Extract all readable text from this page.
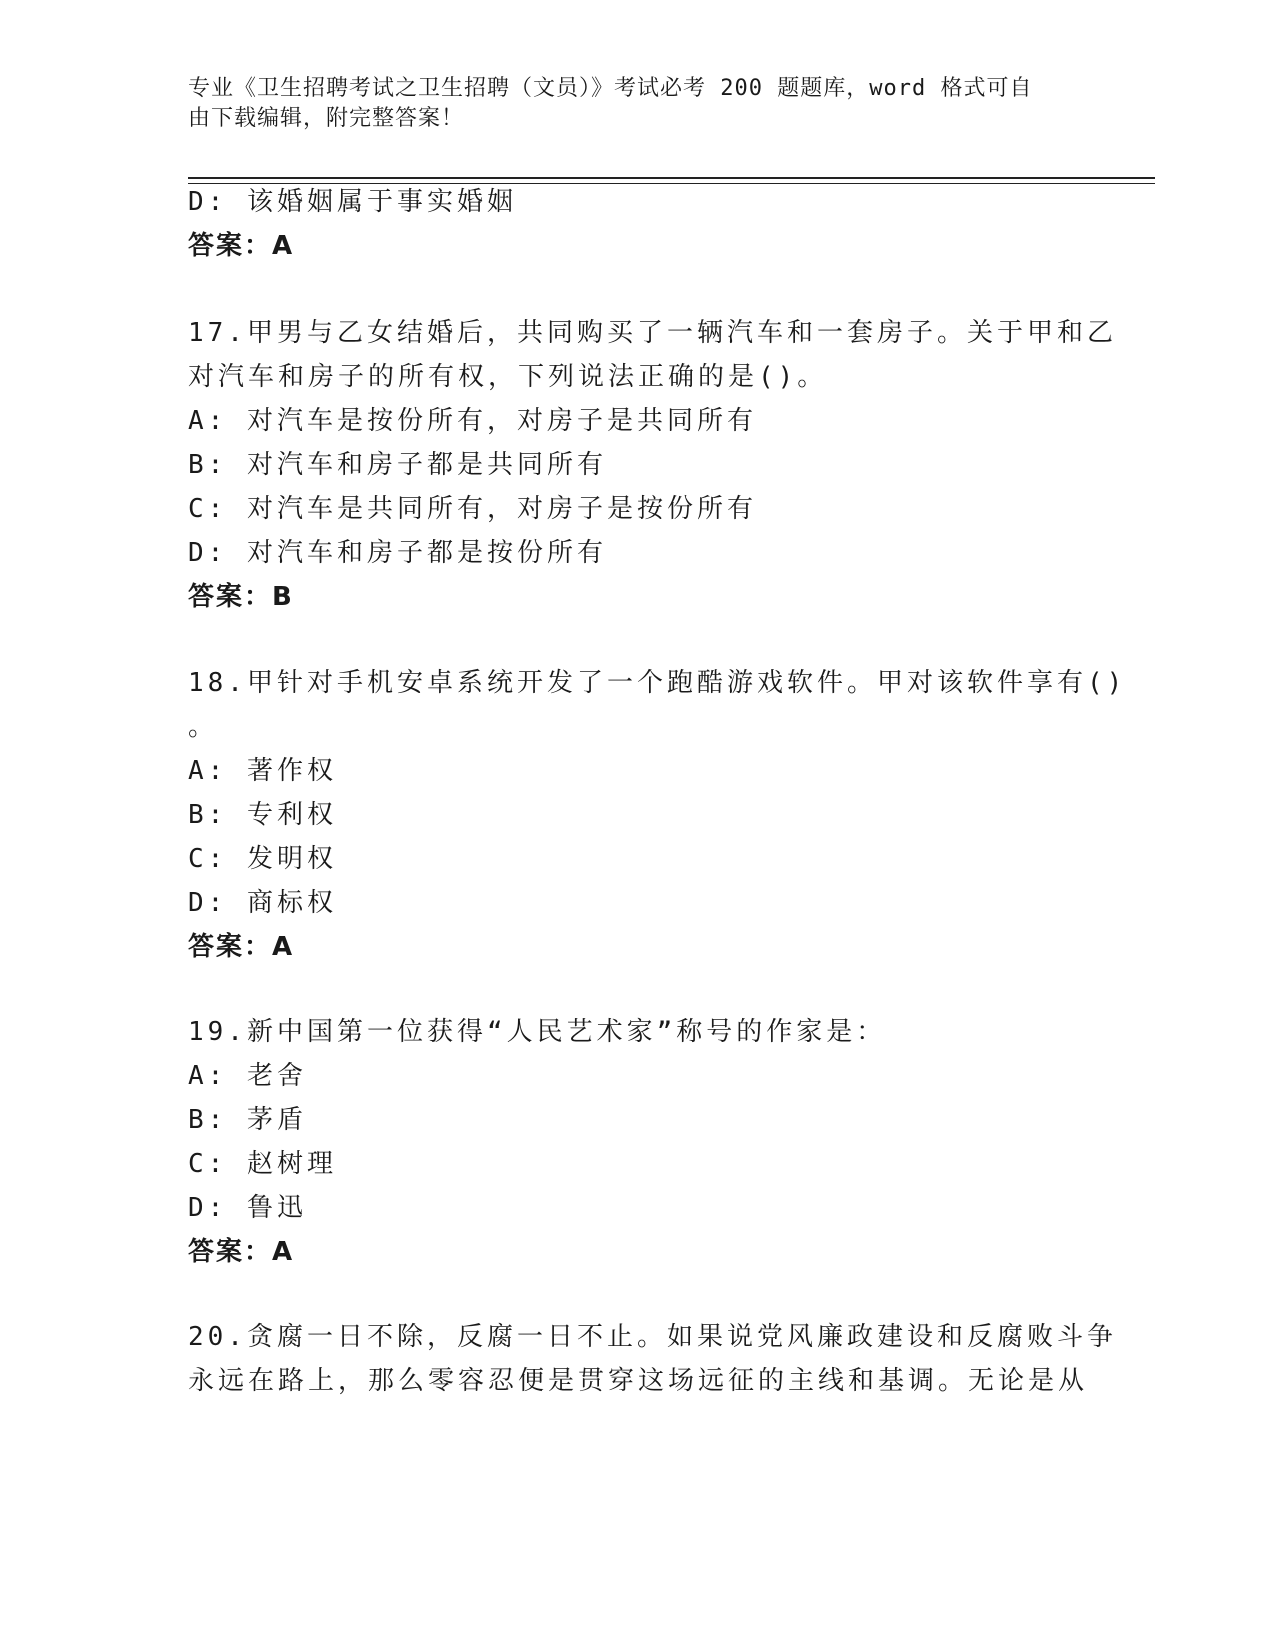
专业《卫生招聘考试之卫生招聘（文员）》考试必考 200 题题库，word 格式可自
由下载编辑，附完整答案！
D: 该婚姻属于事实婚姻
答案：A
17.甲男与乙女结婚后，共同购买了一辆汽车和一套房子。关于甲和乙
对汽车和房子的所有权，下列说法正确的是()。
A: 对汽车是按份所有，对房子是共同所有
B: 对汽车和房子都是共同所有
C: 对汽车是共同所有，对房子是按份所有
D: 对汽车和房子都是按份所有
答案：B
18.甲针对手机安卓系统开发了一个跑酷游戏软件。甲对该软件享有()
。
A: 著作权
B: 专利权
C: 发明权
D: 商标权
答案：A
19.新中国第一位获得“人民艺术家”称号的作家是：
A: 老舍
B: 茅盾
C: 赵树理
D: 鲁迅
答案：A
20.贪腐一日不除，反腐一日不止。如果说党风廉政建设和反腐败斗争
永远在路上，那么零容忍便是贯穿这场远征的主线和基调。无论是从
